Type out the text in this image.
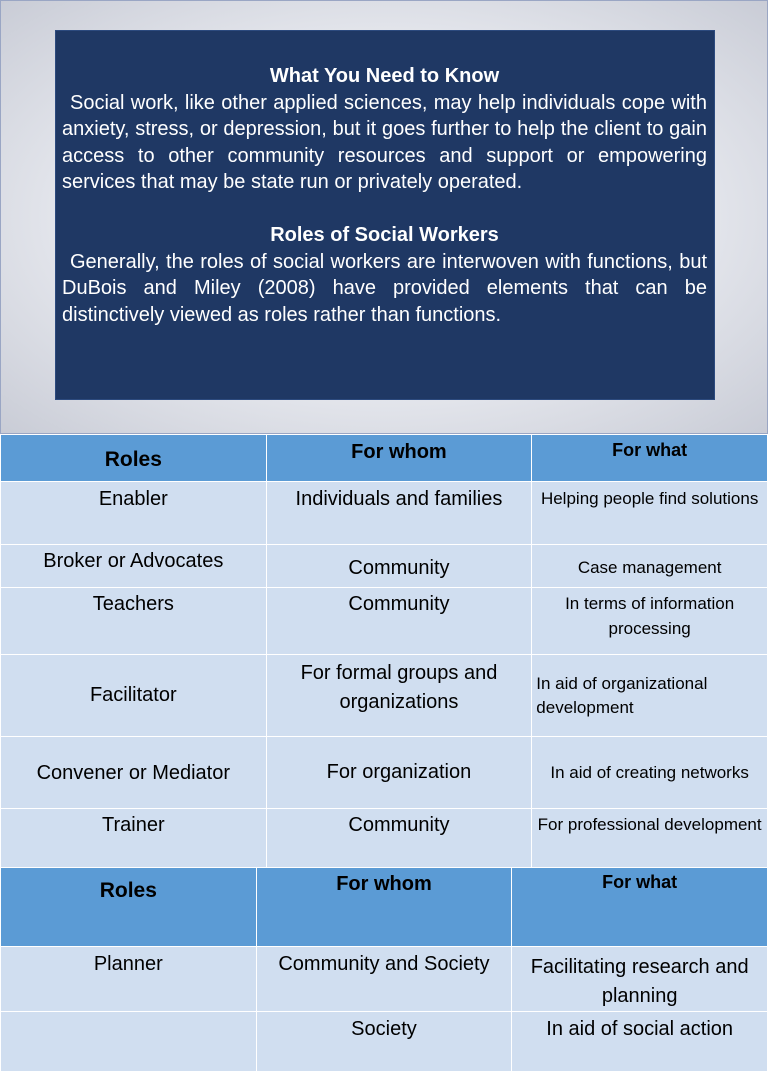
What You Need to Know

Social work, like other applied sciences, may help individuals cope with anxiety, stress, or depression, but it goes further to help the client to gain access to other community resources and support or empowering services that may be state run or privately operated.

Roles of Social Workers

Generally, the roles of social workers are interwoven with functions, but DuBois and Miley (2008) have provided elements that can be distinctively viewed as roles rather than functions.

Roles	For whom	For what
Enabler	Individuals and families	Helping people find solutions
Broker or Advocates	Community	Case management
Teachers	Community	In terms of information processing
Facilitator	For formal groups and organizations	In aid of organizational development
Convener or Mediator	For organization	In aid of creating networks
Trainer	Community	For professional development
Roles	For whom	For what
Planner	Community and Society	Facilitating research and planning
	Society	In aid of social action
